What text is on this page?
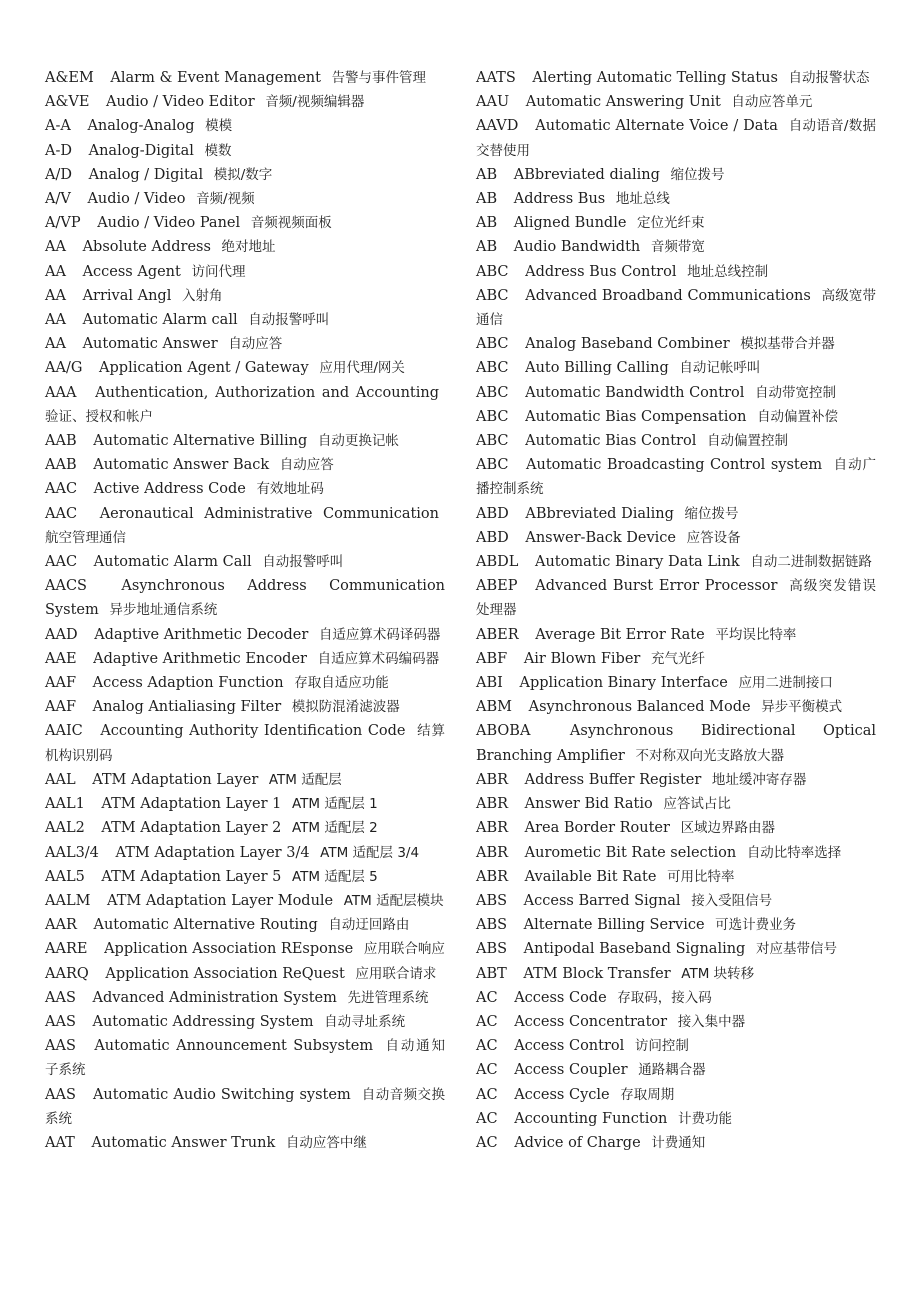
A&EM Alarm & Event Management 告警与事件管理

A&VE Audio / Video Editor 音频/视频编辑器

A-A Analog-Analog 模模

A-D Analog-Digital 模数

A/D Analog / Digital 模拟/数字

A/V Audio / Video 音频/视频

A/VP Audio / Video Panel 音频视频面板

AA Absolute Address 绝对地址

AA Access Agent 访问代理

AA Arrival Angl 入射角

AA Automatic Alarm call 自动报警呼叫

AA Automatic Answer 自动应答

AA/G Application Agent / Gateway 应用代理/网关

AAA Authentication, Authorization and Accounting 验证、授权和帐户

AAB Automatic Alternative Billing 自动更换记帐

AAB Automatic Answer Back 自动应答

AAC Active Address Code 有效地址码

AAC Aeronautical Administrative Communication 航空管理通信

AAC Automatic Alarm Call 自动报警呼叫

AACS Asynchronous Address Communication System 异步地址通信系统

AAD Adaptive Arithmetic Decoder 自适应算术码译码器

AAE Adaptive Arithmetic Encoder 自适应算术码编码器

AAF Access Adaption Function 存取自适应功能

AAF Analog Antialiasing Filter 模拟防混淆滤波器

AAIC Accounting Authority Identification Code 结算机构识别码

AAL ATM Adaptation Layer ATM 适配层

AAL1 ATM Adaptation Layer 1 ATM 适配层 1

AAL2 ATM Adaptation Layer 2 ATM 适配层 2

AAL3/4 ATM Adaptation Layer 3/4 ATM 适配层 3/4

AAL5 ATM Adaptation Layer 5 ATM 适配层 5

AALM ATM Adaptation Layer Module ATM 适配层模块

AAR Automatic Alternative Routing 自动迂回路由

AARE Application Association REsponse 应用联合响应

AARQ Application Association ReQuest 应用联合请求

AAS Advanced Administration System 先进管理系统

AAS Automatic Addressing System 自动寻址系统

AAS Automatic Announcement Subsystem 自动通知子系统

AAS Automatic Audio Switching system 自动音频交换系统

AAT Automatic Answer Trunk 自动应答中继

AATS Alerting Automatic Telling Status 自动报警状态

AAU Automatic Answering Unit 自动应答单元

AAVD Automatic Alternate Voice / Data 自动语音/数据交替使用

AB ABbreviated dialing 缩位拨号

AB Address Bus 地址总线

AB Aligned Bundle 定位光纤束

AB Audio Bandwidth 音频带宽

ABC Address Bus Control 地址总线控制

ABC Advanced Broadband Communications 高级宽带通信

ABC Analog Baseband Combiner 模拟基带合并器

ABC Auto Billing Calling 自动记帐呼叫

ABC Automatic Bandwidth Control 自动带宽控制

ABC Automatic Bias Compensation 自动偏置补偿

ABC Automatic Bias Control 自动偏置控制

ABC Automatic Broadcasting Control system 自动广播控制系统

ABD ABbreviated Dialing 缩位拨号

ABD Answer-Back Device 应答设备

ABDL Automatic Binary Data Link 自动二进制数据链路

ABEP Advanced Burst Error Processor 高级突发错误处理器

ABER Average Bit Error Rate 平均误比特率

ABF Air Blown Fiber 充气光纤

ABI Application Binary Interface 应用二进制接口

ABM Asynchronous Balanced Mode 异步平衡模式

ABOBA	Asynchronous Bidirectional Optical Branching Amplifier 不对称双向光支路放大器

ABR Address Buffer Register 地址缓冲寄存器

ABR Answer Bid Ratio 应答试占比

ABR Area Border Router 区域边界路由器

ABR Aurometic Bit Rate selection 自动比特率选择

ABR Available Bit Rate 可用比特率

ABS Access Barred Signal 接入受阻信号

ABS Alternate Billing Service 可选计费业务

ABS Antipodal Baseband Signaling 对应基带信号

ABT ATM Block Transfer ATM 块转移

AC Access Code 存取码，接入码

AC Access Concentrator 接入集中器

AC Access Control 访问控制

AC Access Coupler 通路耦合器

AC Access Cycle 存取周期

AC Accounting Function 计费功能

AC Advice of Charge 计费通知
